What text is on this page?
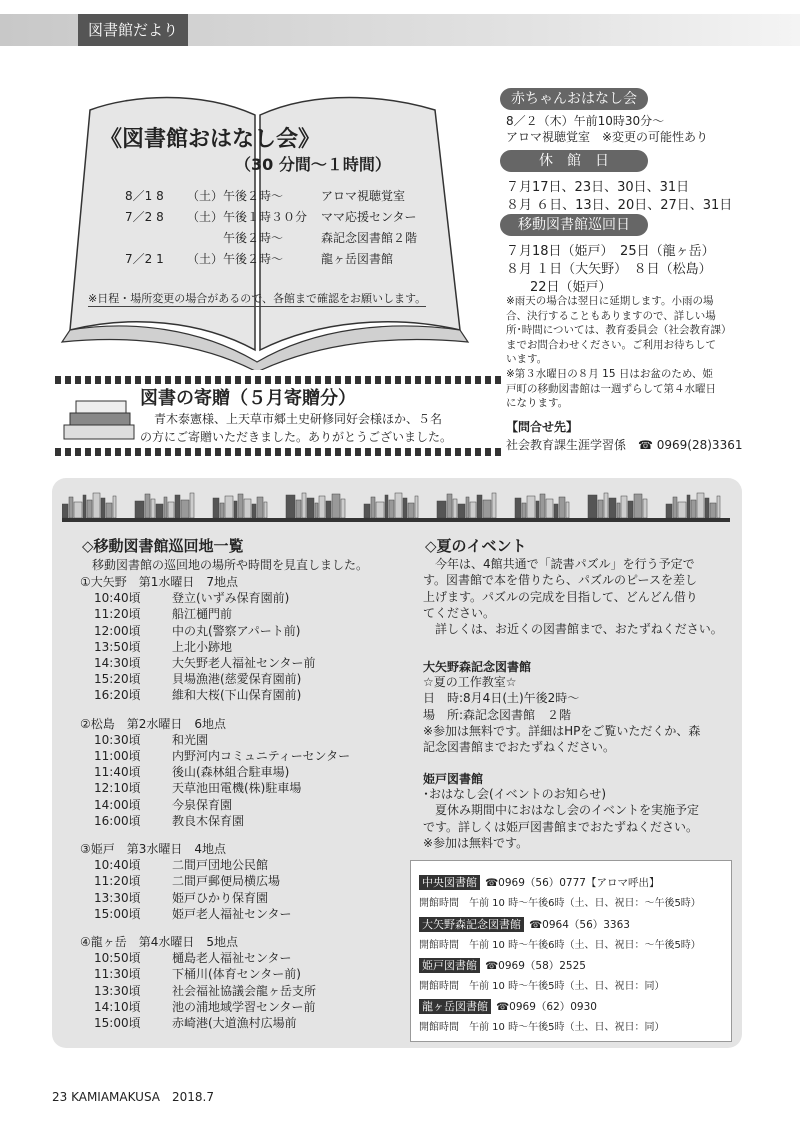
図書館だより
《図書館おはなし会》
（30 分間～１時間）
8／1 8 （土）午後２時～	アロマ視聴覚室
7／2 8 （土）午後１時３０分 ママ応援センター
午後２時～	森記念図書館２階
7／2 1 （土）午後２時～	龍ヶ岳図書館
※日程・場所変更の場合があるので、各館まで確認をお願いします。
図書の寄贈（５月寄贈分）
青木泰憲様、上天草市郷土史研修同好会様ほか、５名
の方にご寄贈いただきました。ありがとうございました。
赤ちゃんおはなし会
8／２（木）午前10時30分～
アロマ視聴覚室　※変更の可能性あり
休　館　日
７月17日、23日、30日、31日
８月 ６日、13日、20日、27日、31日
移動図書館巡回日
７月18日（姫戸）　25日（龍ヶ岳）
８月 １日（大矢野）　８日（松島）
22日（姫戸）
※雨天の場合は翌日に延期します。小雨の場
合、決行することもありますので、詳しい場
所･時間については、教育委員会（社会教育課）
までお問合わせください。ご利用お待ちして
います。
※第３水曜日の８月 15 日はお盆のため、姫
戸町の移動図書館は一週ずらして第４水曜日
になります。
【問合せ先】
社会教育課生涯学習係　☎ 0969(28)3361
◇移動図書館巡回地一覧
移動図書館の巡回地の場所や時間を見直しました。
①大矢野　第1水曜日　7地点
10:40頃	登立(いずみ保育園前)
11:20頃	船江樋門前
12:00頃	中の丸(警察アパート前)
13:50頃	上北小跡地
14:30頃	大矢野老人福祉センター前
15:20頃	貝場漁港(慈愛保育園前)
16:20頃	維和大桜(下山保育園前)
②松島　第2水曜日　6地点
10:30頃	和光園
11:00頃	内野河内コミュニティーセンター
11:40頃	後山(森林組合駐車場)
12:10頃	天草池田電機(株)駐車場
14:00頃	今泉保育園
16:00頃	教良木保育園
③姫戸　第3水曜日　4地点
10:40頃	二間戸団地公民館
11:20頃	二間戸郵便局横広場
13:30頃	姫戸ひかり保育園
15:00頃	姫戸老人福祉センター
④龍ヶ岳　第4水曜日　5地点
10:50頃	樋島老人福祉センター
11:30頃	下桶川(体育センター前)
13:30頃	社会福祉協議会龍ヶ岳支所
14:10頃	池の浦地域学習センター前
15:00頃	赤崎港(大道漁村広場前
◇夏のイベント
今年は、4館共通で「読書パズル」を行う予定で
す。図書館で本を借りたら、パズルのピースを差し
上げます。パズルの完成を目指して、どんどん借り
てください。
詳しくは、お近くの図書館まで、おたずねください。
大矢野森記念図書館
☆夏の工作教室☆
日　時:8月4日(土)午後2時～
場　所:森記念図書館　２階
※参加は無料です。詳細はHPをご覧いただくか、森
記念図書館までおたずねください。
姫戸図書館
･おはなし会(イベントのお知らせ)
夏休み期間中におはなし会のイベントを実施予定
です。詳しくは姫戸図書館までおたずねください。
※参加は無料です。
中央図書館 ☎0969（56）0777【アロマ呼出】
開館時間　午前 10 時～午後6時（土、日、祝日：～午後5時）
大矢野森記念図書館 ☎0964（56）3363
開館時間　午前 10 時～午後6時（土、日、祝日：～午後5時）
姫戸図書館 ☎0969（58）2525
開館時間　午前 10 時～午後5時（土、日、祝日：同）
龍ヶ岳図書館 ☎0969（62）0930
開館時間　午前 10 時～午後5時（土、日、祝日：同）
23 KAMIAMAKUSA　2018.7
